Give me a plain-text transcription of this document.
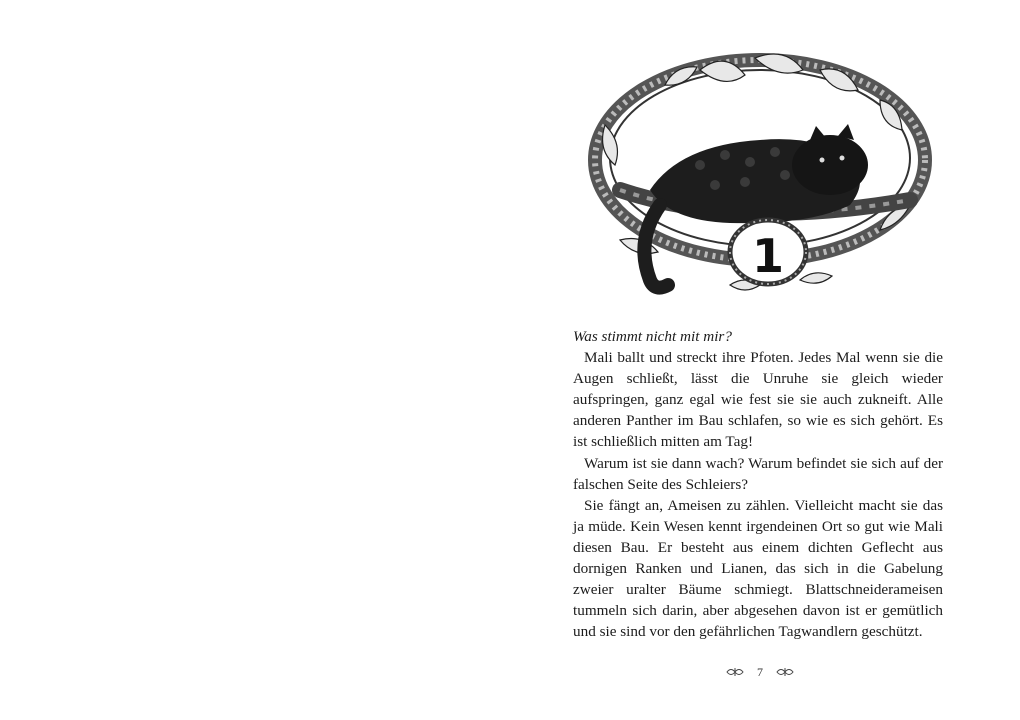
1

Was stimmt nicht mit mir?

Mali ballt und streckt ihre Pfoten. Jedes Mal wenn sie die Augen schließt, lässt die Unruhe sie gleich wieder aufspringen, ganz egal wie fest sie sie auch zukneift. Alle anderen Panther im Bau schlafen, so wie es sich gehört. Es ist schließlich mitten am Tag!

Warum ist sie dann wach? Warum befindet sie sich auf der falschen Seite des Schleiers?

Sie fängt an, Ameisen zu zählen. Vielleicht macht sie das ja müde. Kein Wesen kennt irgendeinen Ort so gut wie Mali diesen Bau. Er besteht aus einem dichten Geflecht aus dornigen Ranken und Lianen, das sich in die Gabelung zweier uralter Bäume schmiegt. Blattschneiderameisen tummeln sich darin, aber abgesehen davon ist er gemütlich und sie sind vor den gefährlichen Tagwandlern geschützt.

7
